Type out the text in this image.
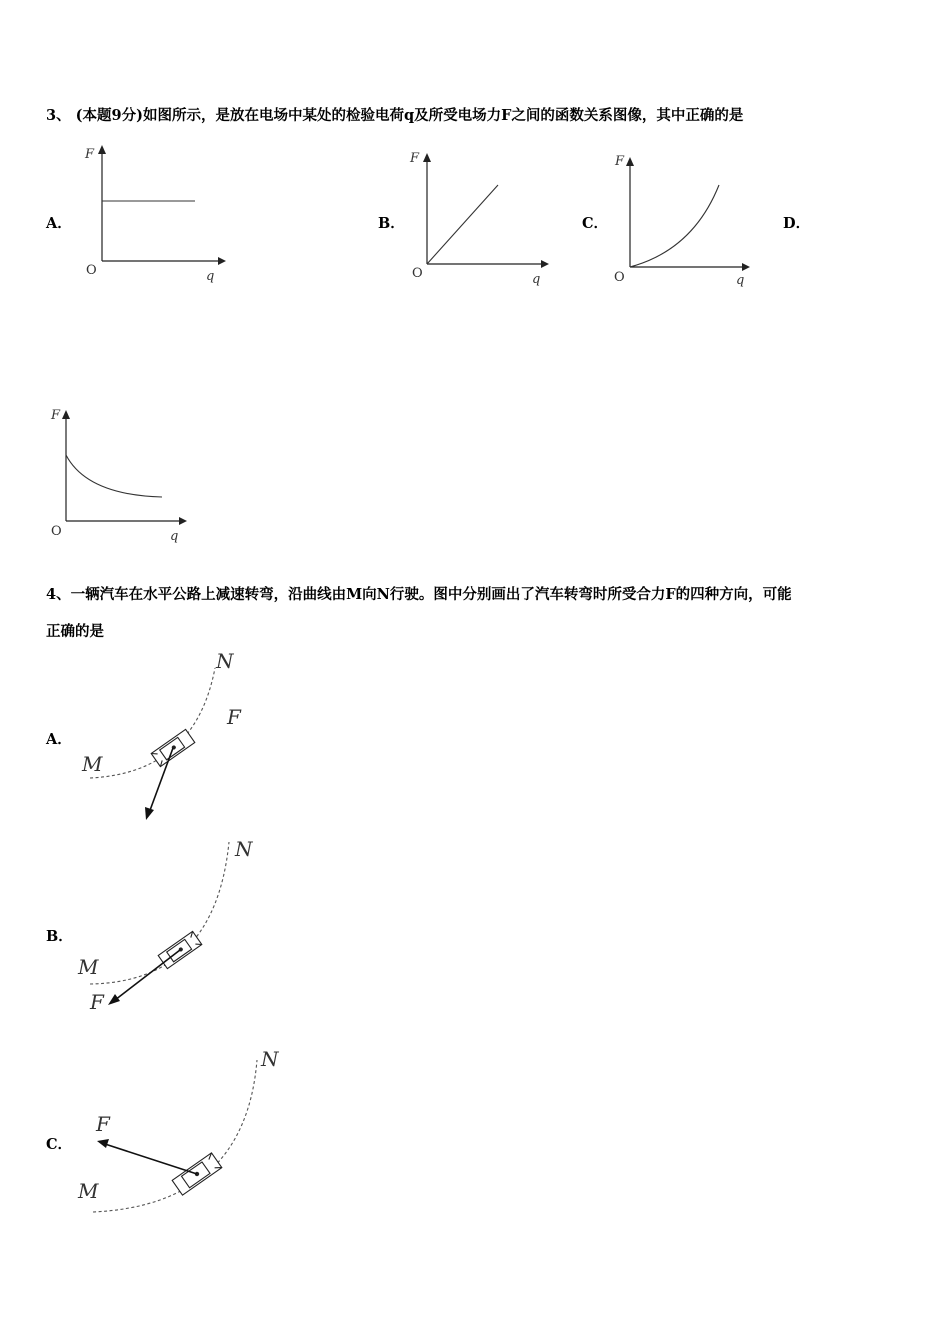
3、 (本题9分)如图所示，是放在电场中某处的检验电荷q及所受电场力F之间的函数关系图像，其中正确的是
A．
F
O	q
B．
F
O	q
C．
F
O	q
D．
F
O	q
4、一辆汽车在水平公路上减速转弯，沿曲线由M向N行驶。图中分别画出了汽车转弯时所受合力F的四种方向，可能
正确的是
A．
N
F
M
B．
N
M
F
C．
N
F
M
